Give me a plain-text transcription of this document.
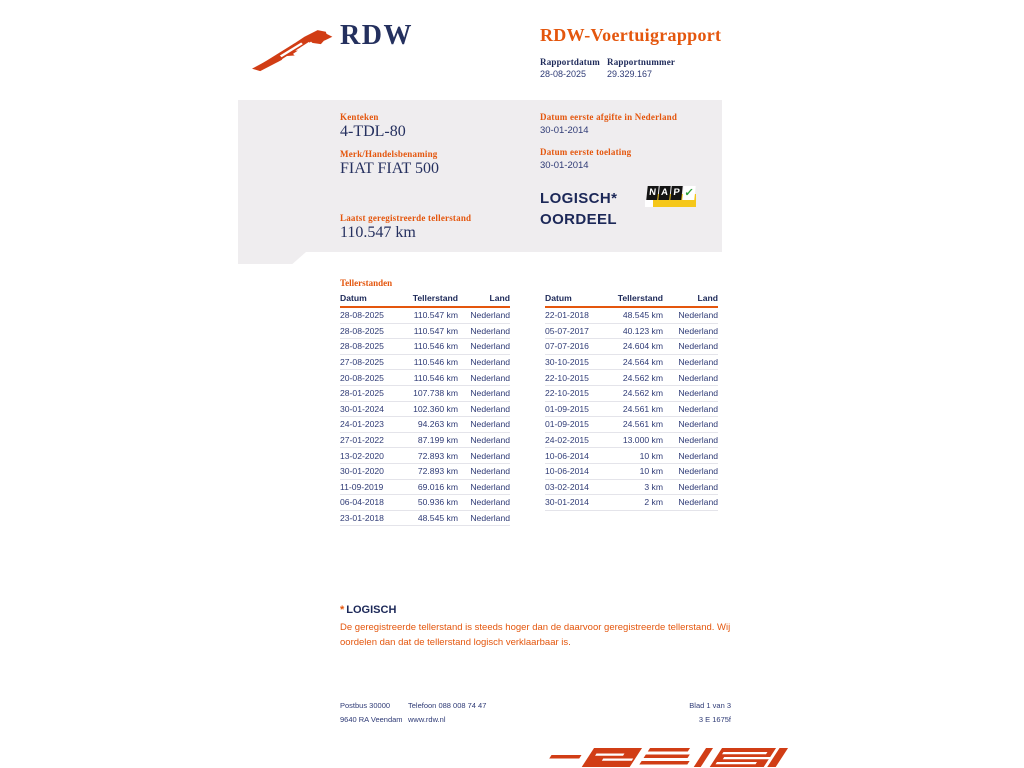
RDW	RDW-Voertuigrapport
Rapportdatum
28-08-2025
Rapportnummer
29.329.167
Kenteken
4-TDL-80
Merk/Handelsbenaming
FIAT FIAT 500
Laatst geregistreerde tellerstand
110.547 km
Datum eerste afgifte in Nederland
30-01-2014
Datum eerste toelating
30-01-2014
LOGISCH*
OORDEEL
N A P ✓
Tellerstanden
Datum	Tellerstand	Land
28-08-2025	110.547 km	Nederland
28-08-2025	110.547 km	Nederland
28-08-2025	110.546 km	Nederland
27-08-2025	110.546 km	Nederland
20-08-2025	110.546 km	Nederland
28-01-2025	107.738 km	Nederland
30-01-2024	102.360 km	Nederland
24-01-2023	94.263 km	Nederland
27-01-2022	87.199 km	Nederland
13-02-2020	72.893 km	Nederland
30-01-2020	72.893 km	Nederland
11-09-2019	69.016 km	Nederland
06-04-2018	50.936 km	Nederland
23-01-2018	48.545 km	Nederland
Datum	Tellerstand	Land
22-01-2018	48.545 km	Nederland
05-07-2017	40.123 km	Nederland
07-07-2016	24.604 km	Nederland
30-10-2015	24.564 km	Nederland
22-10-2015	24.562 km	Nederland
22-10-2015	24.562 km	Nederland
01-09-2015	24.561 km	Nederland
01-09-2015	24.561 km	Nederland
24-02-2015	13.000 km	Nederland
10-06-2014	10 km	Nederland
10-06-2014	10 km	Nederland
03-02-2014	3 km	Nederland
30-01-2014	2 km	Nederland
* LOGISCH
De geregistreerde tellerstand is steeds hoger dan de daarvoor geregistreerde tellerstand. Wij oordelen dan dat de tellerstand logisch verklaarbaar is.
Postbus 30000 Telefoon 088 008 74 47	Blad 1 van 3
9640 RA Veendam www.rdw.nl	3 E 1675f
